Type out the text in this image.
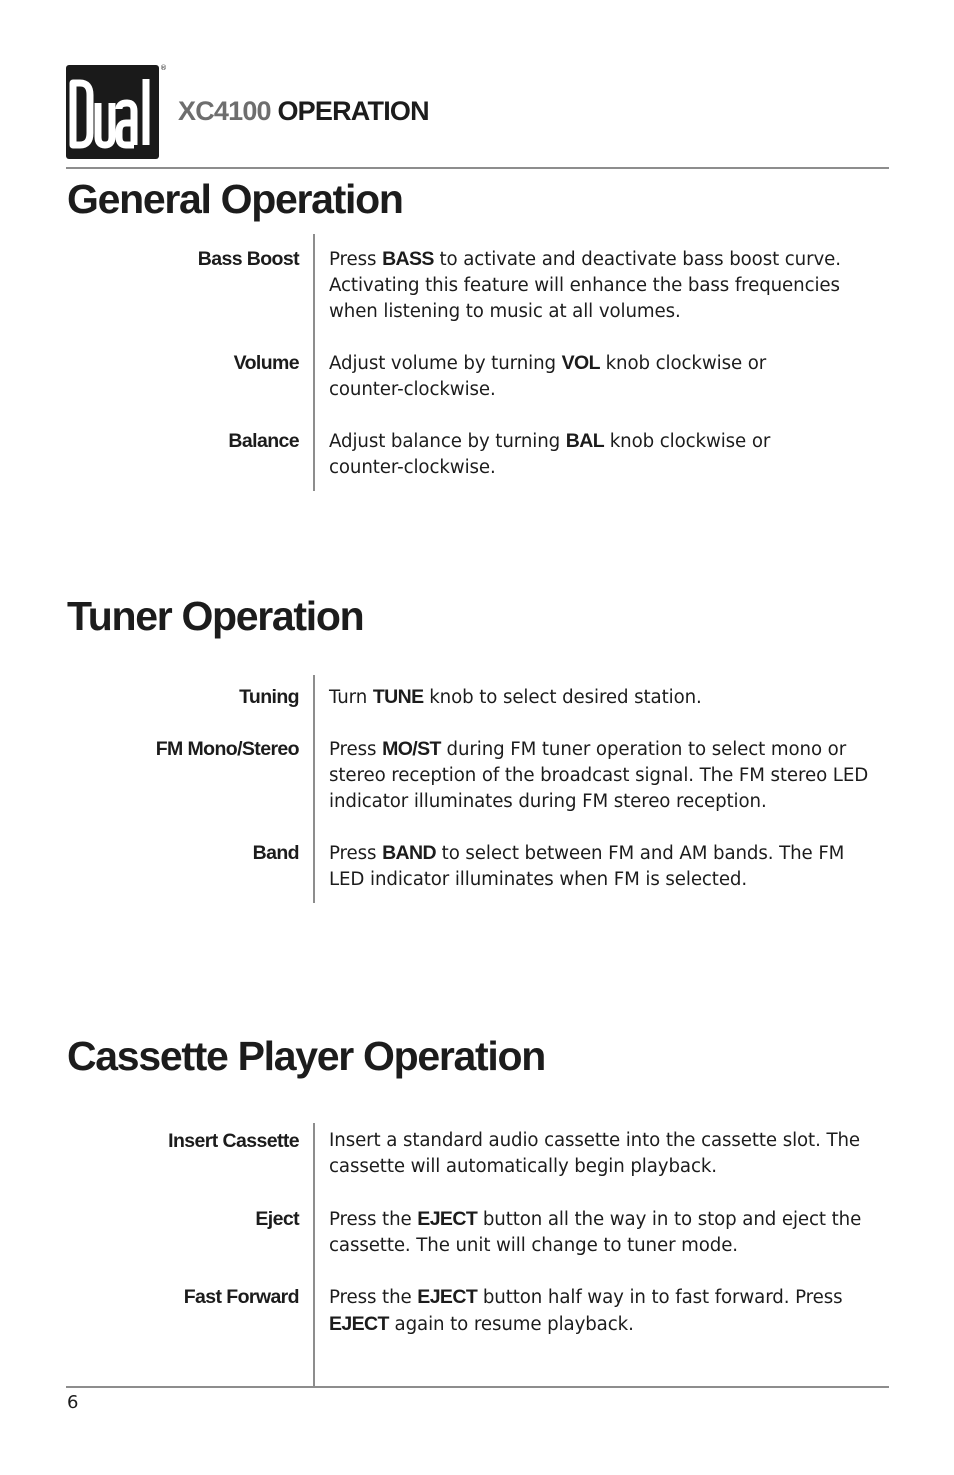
®
XC4100 OPERATION
General Operation
Bass Boost Press BASS to activate and deactivate bass boost curve.
Activating this feature will enhance the bass frequencies
when listening to music at all volumes.
Volume Adjust volume by turning VOL knob clockwise or
counter-clockwise.
Balance Adjust balance by turning BAL knob clockwise or
counter-clockwise.
Tuner Operation
Tuning Turn TUNE knob to select desired station.
FM Mono/Stereo Press MO/ST during FM tuner operation to select mono or
stereo reception of the broadcast signal. The FM stereo LED
indicator illuminates during FM stereo reception.
Band Press BAND to select between FM and AM bands. The FM
LED indicator illuminates when FM is selected.
Cassette Player Operation
Insert Cassette Insert a standard audio cassette into the cassette slot. The
cassette will automatically begin playback.
Eject Press the EJECT button all the way in to stop and eject the
cassette. The unit will change to tuner mode.
Fast Forward Press the EJECT button half way in to fast forward. Press
EJECT again to resume playback.
6
